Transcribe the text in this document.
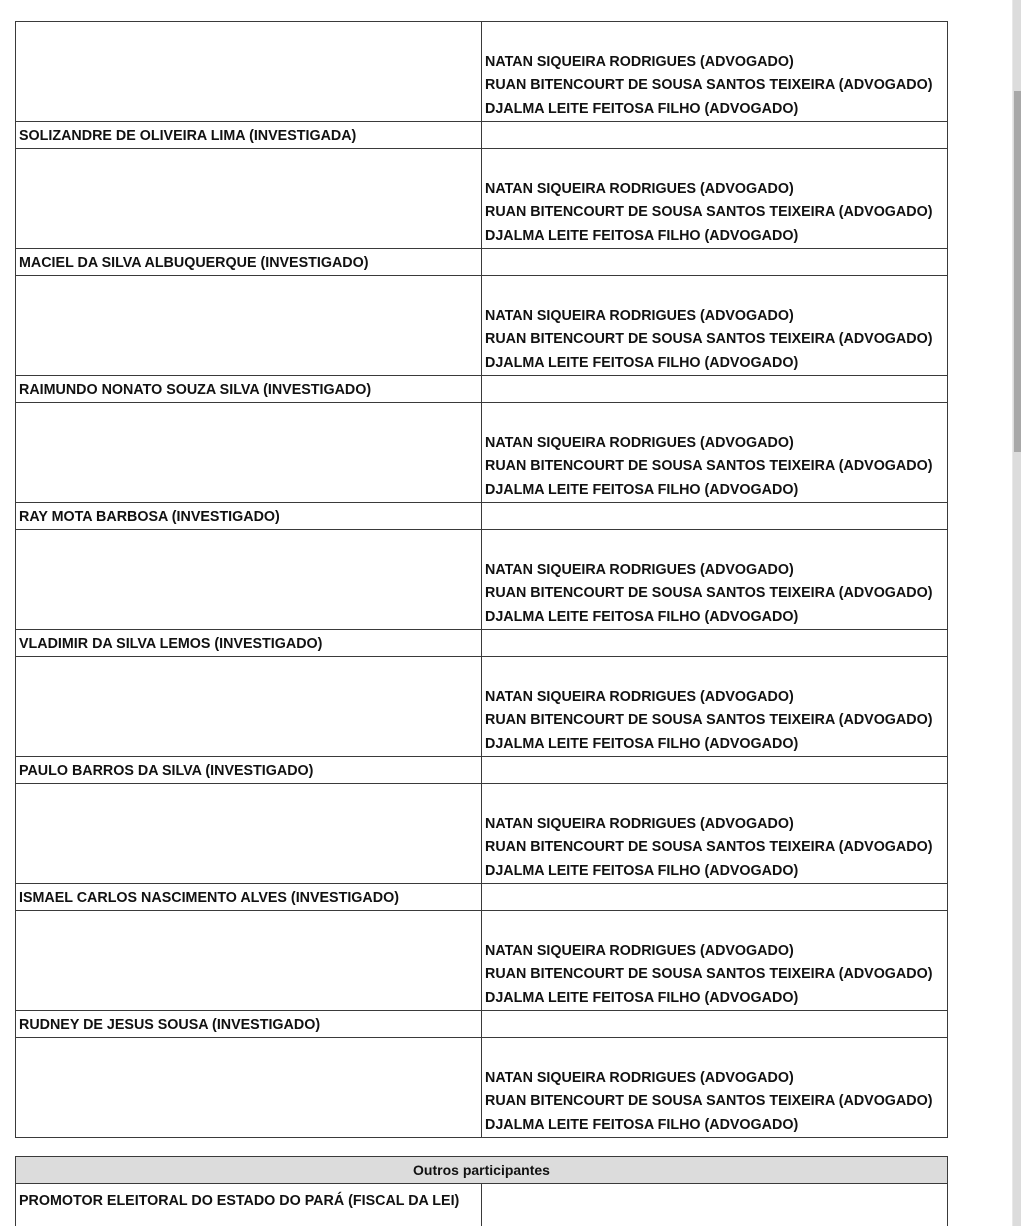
	NATAN SIQUEIRA RODRIGUES (ADVOGADO)
RUAN BITENCOURT DE SOUSA SANTOS TEIXEIRA (ADVOGADO)
DJALMA LEITE FEITOSA FILHO (ADVOGADO)

SOLIZANDRE DE OLIVEIRA LIMA (INVESTIGADA)	

	NATAN SIQUEIRA RODRIGUES (ADVOGADO)
RUAN BITENCOURT DE SOUSA SANTOS TEIXEIRA (ADVOGADO)
DJALMA LEITE FEITOSA FILHO (ADVOGADO)

MACIEL DA SILVA ALBUQUERQUE (INVESTIGADO)	

	NATAN SIQUEIRA RODRIGUES (ADVOGADO)
RUAN BITENCOURT DE SOUSA SANTOS TEIXEIRA (ADVOGADO)
DJALMA LEITE FEITOSA FILHO (ADVOGADO)

RAIMUNDO NONATO SOUZA SILVA (INVESTIGADO)	

	NATAN SIQUEIRA RODRIGUES (ADVOGADO)
RUAN BITENCOURT DE SOUSA SANTOS TEIXEIRA (ADVOGADO)
DJALMA LEITE FEITOSA FILHO (ADVOGADO)

RAY MOTA BARBOSA (INVESTIGADO)	

	NATAN SIQUEIRA RODRIGUES (ADVOGADO)
RUAN BITENCOURT DE SOUSA SANTOS TEIXEIRA (ADVOGADO)
DJALMA LEITE FEITOSA FILHO (ADVOGADO)

VLADIMIR DA SILVA LEMOS (INVESTIGADO)	

	NATAN SIQUEIRA RODRIGUES (ADVOGADO)
RUAN BITENCOURT DE SOUSA SANTOS TEIXEIRA (ADVOGADO)
DJALMA LEITE FEITOSA FILHO (ADVOGADO)

PAULO BARROS DA SILVA (INVESTIGADO)	

	NATAN SIQUEIRA RODRIGUES (ADVOGADO)
RUAN BITENCOURT DE SOUSA SANTOS TEIXEIRA (ADVOGADO)
DJALMA LEITE FEITOSA FILHO (ADVOGADO)

ISMAEL CARLOS NASCIMENTO ALVES (INVESTIGADO)	

	NATAN SIQUEIRA RODRIGUES (ADVOGADO)
RUAN BITENCOURT DE SOUSA SANTOS TEIXEIRA (ADVOGADO)
DJALMA LEITE FEITOSA FILHO (ADVOGADO)

RUDNEY DE JESUS SOUSA (INVESTIGADO)	

	NATAN SIQUEIRA RODRIGUES (ADVOGADO)
RUAN BITENCOURT DE SOUSA SANTOS TEIXEIRA (ADVOGADO)
DJALMA LEITE FEITOSA FILHO (ADVOGADO)
Outros participantes
PROMOTOR ELEITORAL DO ESTADO DO PARÁ (FISCAL DA LEI)	
